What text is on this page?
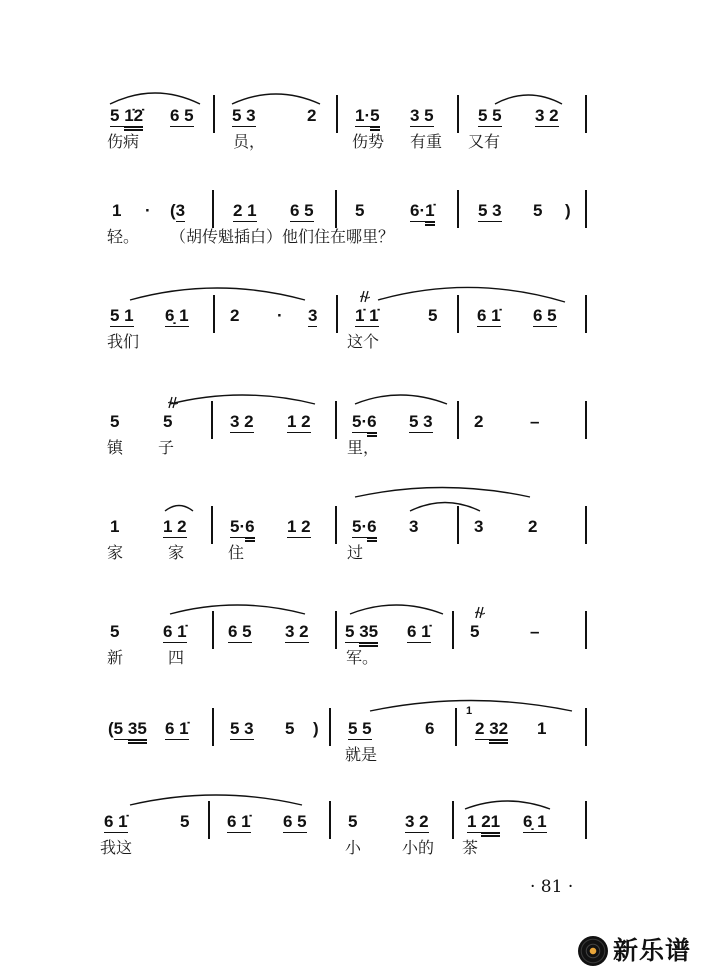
5 1̇2̇ 6 5 5 3	2 1·5 3 5	5 5 3 2
伤病	员，	伤势 有重 又有
1 · (3	2 1 6 5 5	6·1̇	5 3 5 )
轻。 （胡传魁插白）他们住在哪里？
5 1 6̣ 1 2 · 3 1̇ 1̇	5 6 1̇ 6 5
我们	这个
5	5	3 2 1 2 5·6 5 3 2	–
镇 子	里，
1	1 2	5·6 1 2 5·6 3	3	2
家	家	住	过
5	6 1̇ 6 5 3 2 5 35 6 1̇ 5	–
新	四	军。
(5 35 6 1̇ 5 3 5 ) 5 5	6 2 32
1
1
就是
6 1̇	5 6 1̇ 6 5 5	3 2 1 21 6̣ 1
我这	小	小的 茶
· 81 ·
新乐谱
